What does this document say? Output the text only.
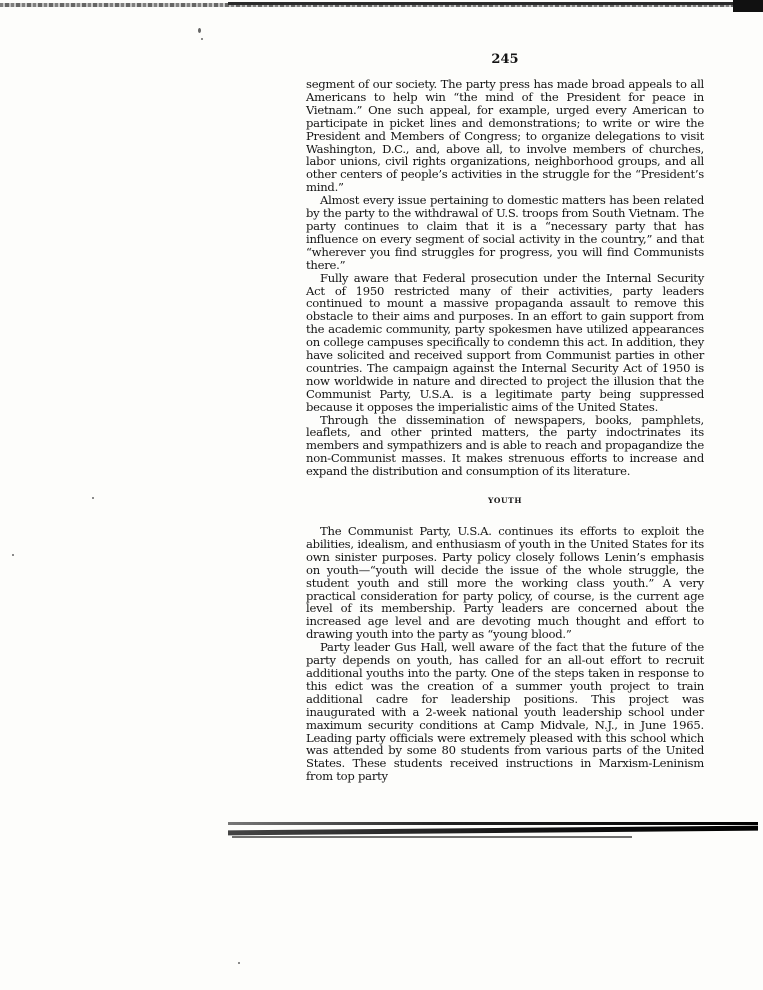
245

segment of our society. The party press has made broad appeals to all Americans to help win “the mind of the President for peace in Vietnam.” One such appeal, for example, urged every American to participate in picket lines and demonstrations; to write or wire the President and Members of Congress; to organize delegations to visit Washington, D.C., and, above all, to involve members of churches, labor unions, civil rights organizations, neighborhood groups, and all other centers of people’s activities in the struggle for the “President’s mind.”

Almost every issue pertaining to domestic matters has been related by the party to the withdrawal of U.S. troops from South Vietnam. The party continues to claim that it is a “necessary party that has influence on every segment of social activity in the country,” and that “wherever you find struggles for progress, you will find Communists there.”

Fully aware that Federal prosecution under the Internal Security Act of 1950 restricted many of their activities, party leaders continued to mount a massive propaganda assault to remove this obstacle to their aims and purposes. In an effort to gain support from the academic community, party spokesmen have utilized appearances on college campuses specifically to condemn this act. In addition, they have solicited and received support from Communist parties in other countries. The campaign against the Internal Security Act of 1950 is now worldwide in nature and directed to project the illusion that the Communist Party, U.S.A. is a legitimate party being suppressed because it opposes the imperialistic aims of the United States.

Through the dissemination of newspapers, books, pamphlets, leaflets, and other printed matters, the party indoctrinates its members and sympathizers and is able to reach and propagandize the non-Communist masses. It makes strenuous efforts to increase and expand the distribution and consumption of its literature.

YOUTH

The Communist Party, U.S.A. continues its efforts to exploit the abilities, idealism, and enthusiasm of youth in the United States for its own sinister purposes. Party policy closely follows Lenin’s emphasis on youth—“youth will decide the issue of the whole struggle, the student youth and still more the working class youth.” A very practical consideration for party policy, of course, is the current age level of its membership. Party leaders are concerned about the increased age level and are devoting much thought and effort to drawing youth into the party as “young blood.”

Party leader Gus Hall, well aware of the fact that the future of the party depends on youth, has called for an all-out effort to recruit additional youths into the party. One of the steps taken in response to this edict was the creation of a summer youth project to train additional cadre for leadership positions. This project was inaugurated with a 2-week national youth leadership school under maximum security conditions at Camp Midvale, N.J., in June 1965. Leading party officials were extremely pleased with this school which was attended by some 80 students from various parts of the United States. These students received instructions in Marxism-Leninism from top party
